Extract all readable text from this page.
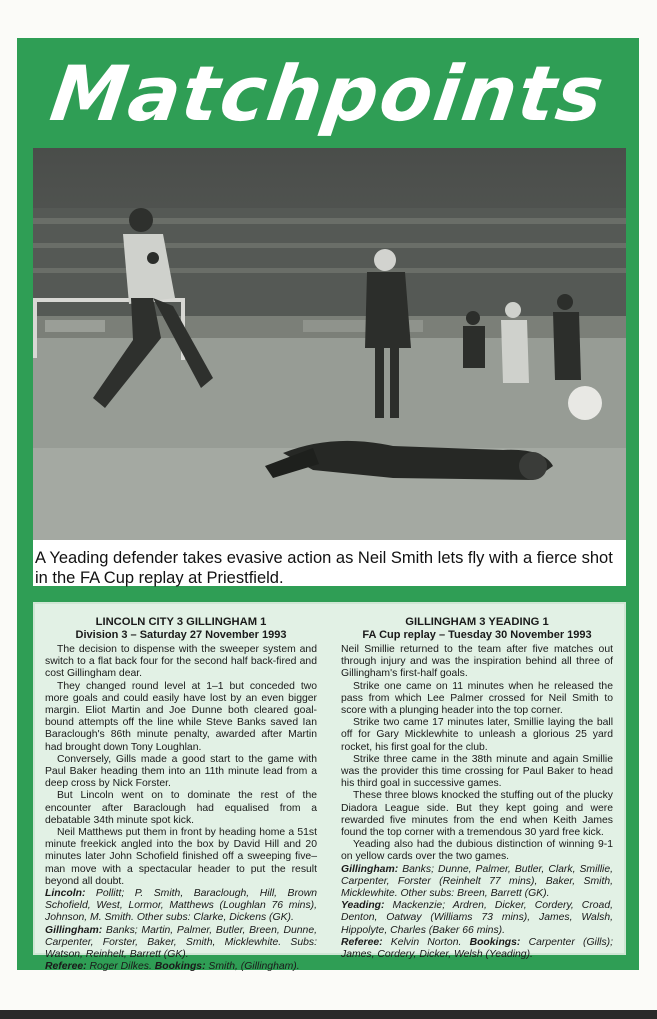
Matchpoints

A Yeading defender takes evasive action as Neil Smith lets fly with a fierce shot in the FA Cup replay at Priestfield.

LINCOLN CITY 3 GILLINGHAM 1
Division 3 – Saturday 27 November 1993

The decision to dispense with the sweeper system and switch to a flat back four for the second half back-fired and cost Gillingham dear.

They changed round level at 1–1 but conceded two more goals and could easily have lost by an even bigger margin. Eliot Martin and Joe Dunne both cleared goal-bound attempts off the line while Steve Banks saved Ian Baraclough's 86th minute penalty, awarded after Martin had brought down Tony Loughlan.

Conversely, Gills made a good start to the game with Paul Baker heading them into an 11th minute lead from a deep cross by Nick Forster.

But Lincoln went on to dominate the rest of the encounter after Baraclough had equalised from a debatable 34th minute spot kick.

Neil Matthews put them in front by heading home a 51st minute freekick angled into the box by David Hill and 20 minutes later John Schofield finished off a sweeping five–man move with a spectacular header to put the result beyond all doubt.

Lincoln: Pollitt; P. Smith, Baraclough, Hill, Brown Schofield, West, Lormor, Matthews (Loughlan 76 mins), Johnson, M. Smith. Other subs: Clarke, Dickens (GK).

Gillingham: Banks; Martin, Palmer, Butler, Breen, Dunne, Carpenter, Forster, Baker, Smith, Micklewhite. Subs: Watson, Reinhelt, Barrett (GK).

Referee: Roger Dilkes. Bookings: Smith, (Gillingham).

GILLINGHAM 3 YEADING 1
FA Cup replay – Tuesday 30 November 1993

Neil Smillie returned to the team after five matches out through injury and was the inspiration behind all three of Gillingham's first-half goals.

Strike one came on 11 minutes when he released the pass from which Lee Palmer crossed for Neil Smith to score with a plunging header into the top corner.

Strike two came 17 minutes later, Smillie laying the ball off for Gary Micklewhite to unleash a glorious 25 yard rocket, his first goal for the club.

Strike three came in the 38th minute and again Smillie was the provider this time crossing for Paul Baker to head his third goal in successive games.

These three blows knocked the stuffing out of the plucky Diadora League side. But they kept going and were rewarded five minutes from the end when Keith James found the top corner with a tremendous 30 yard free kick.

Yeading also had the dubious distinction of winning 9-1 on yellow cards over the two games.

Gillingham: Banks; Dunne, Palmer, Butler, Clark, Smillie, Carpenter, Forster (Reinhelt 77 mins), Baker, Smith, Micklewhite. Other subs: Breen, Barrett (GK).

Yeading: Mackenzie; Ardren, Dicker, Cordery, Croad, Denton, Oatway (Williams 73 mins), James, Walsh, Hippolyte, Charles (Baker 66 mins).

Referee: Kelvin Norton. Bookings: Carpenter (Gills); James, Cordery, Dicker, Welsh (Yeading).
